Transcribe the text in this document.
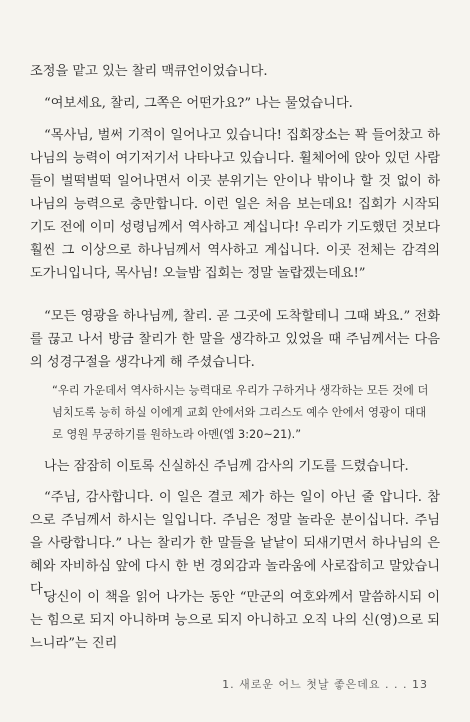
조정을 맡고 있는 찰리 맥큐언이었습니다.

“여보세요, 찰리, 그쪽은 어떤가요?” 나는 물었습니다.

“목사님, 벌써 기적이 일어나고 있습니다! 집회장소는 꽉 들어찼고 하나님의 능력이 여기저기서 나타나고 있습니다. 휠체어에 앉아 있던 사람들이 벌떡벌떡 일어나면서 이곳 분위기는 안이나 밖이나 할 것 없이 하나님의 능력으로 충만합니다. 이런 일은 처음 보는데요! 집회가 시작되기도 전에 이미 성령님께서 역사하고 계십니다! 우리가 기도했던 것보다 훨씬 그 이상으로 하나님께서 역사하고 계십니다. 이곳 전체는 감격의 도가니입니다, 목사님! 오늘밤 집회는 정말 놀랍겠는데요!”

“모든 영광을 하나님께, 찰리. 곧 그곳에 도착할테니 그때 봐요.” 전화를 끊고 나서 방금 찰리가 한 말을 생각하고 있었을 때 주님께서는 다음의 성경구절을 생각나게 해 주셨습니다.

“우리 가운데서 역사하시는 능력대로 우리가 구하거나 생각하는 모든 것에 더 넘치도록 능히 하실 이에게 교회 안에서와 그리스도 예수 안에서 영광이 대대로 영원 무궁하기를 원하노라 아멘(엡 3:20~21).”

나는 잠잠히 이토록 신실하신 주님께 감사의 기도를 드렸습니다.

“주님, 감사합니다. 이 일은 결코 제가 하는 일이 아닌 줄 압니다. 참으로 주님께서 하시는 일입니다. 주님은 정말 놀라운 분이십니다. 주님을 사랑합니다.” 나는 찰리가 한 말들을 낱낱이 되새기면서 하나님의 은혜와 자비하심 앞에 다시 한 번 경외감과 놀라움에 사로잡히고 말았습니다.

당신이 이 책을 읽어 나가는 동안 “만군의 여호와께서 말씀하시되 이는 힘으로 되지 아니하며 능으로 되지 아니하고 오직 나의 신(영)으로 되느니라”는 진리

1. 새로운 어느 첫날 좋은데요 . . . 13
